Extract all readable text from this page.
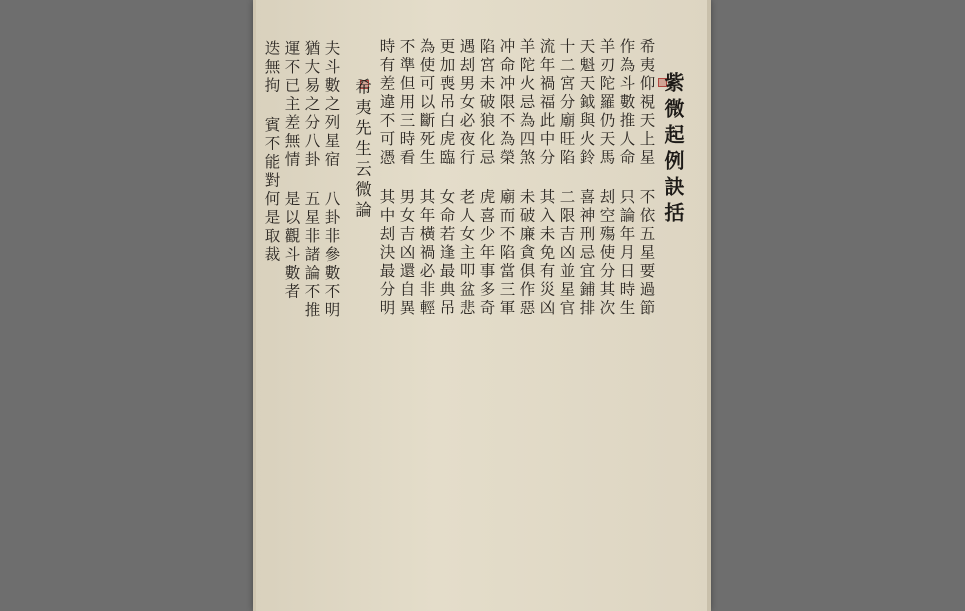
紫微起例訣括
希夷仰視天上星 不依五星要過節
作為斗數推人命 只論年月日時生
羊刃陀羅仍天馬 刦空殤使分其次
天魁天鉞與火鈴 喜神刑忌宜鋪排
十二宮分廟旺陷 二限吉凶並星官
流年禍福此中分 其入未免有災凶
羊陀火忌為四煞 未破廉貪俱作惡
冲命冲限不為榮 廟而不陷當三軍
陷宮未破狼化忌 虎喜少年事多奇
遇刦男女必夜行 老人女主叩盆悲
更加喪吊白虎臨 女命若逢最典吊
為使可以斷死生 其年橫禍必非輕
不準但用三時看 男女吉凶還自異
時有差違不可憑 其中刦決最分明
希夷先生云微論
夫斗數之列星宿 八卦非參數不明
猶大易之分八卦 五星非諸論不推
運不已主差無情 是以觀斗數者
迭無拘 賓不能對何是取裁
